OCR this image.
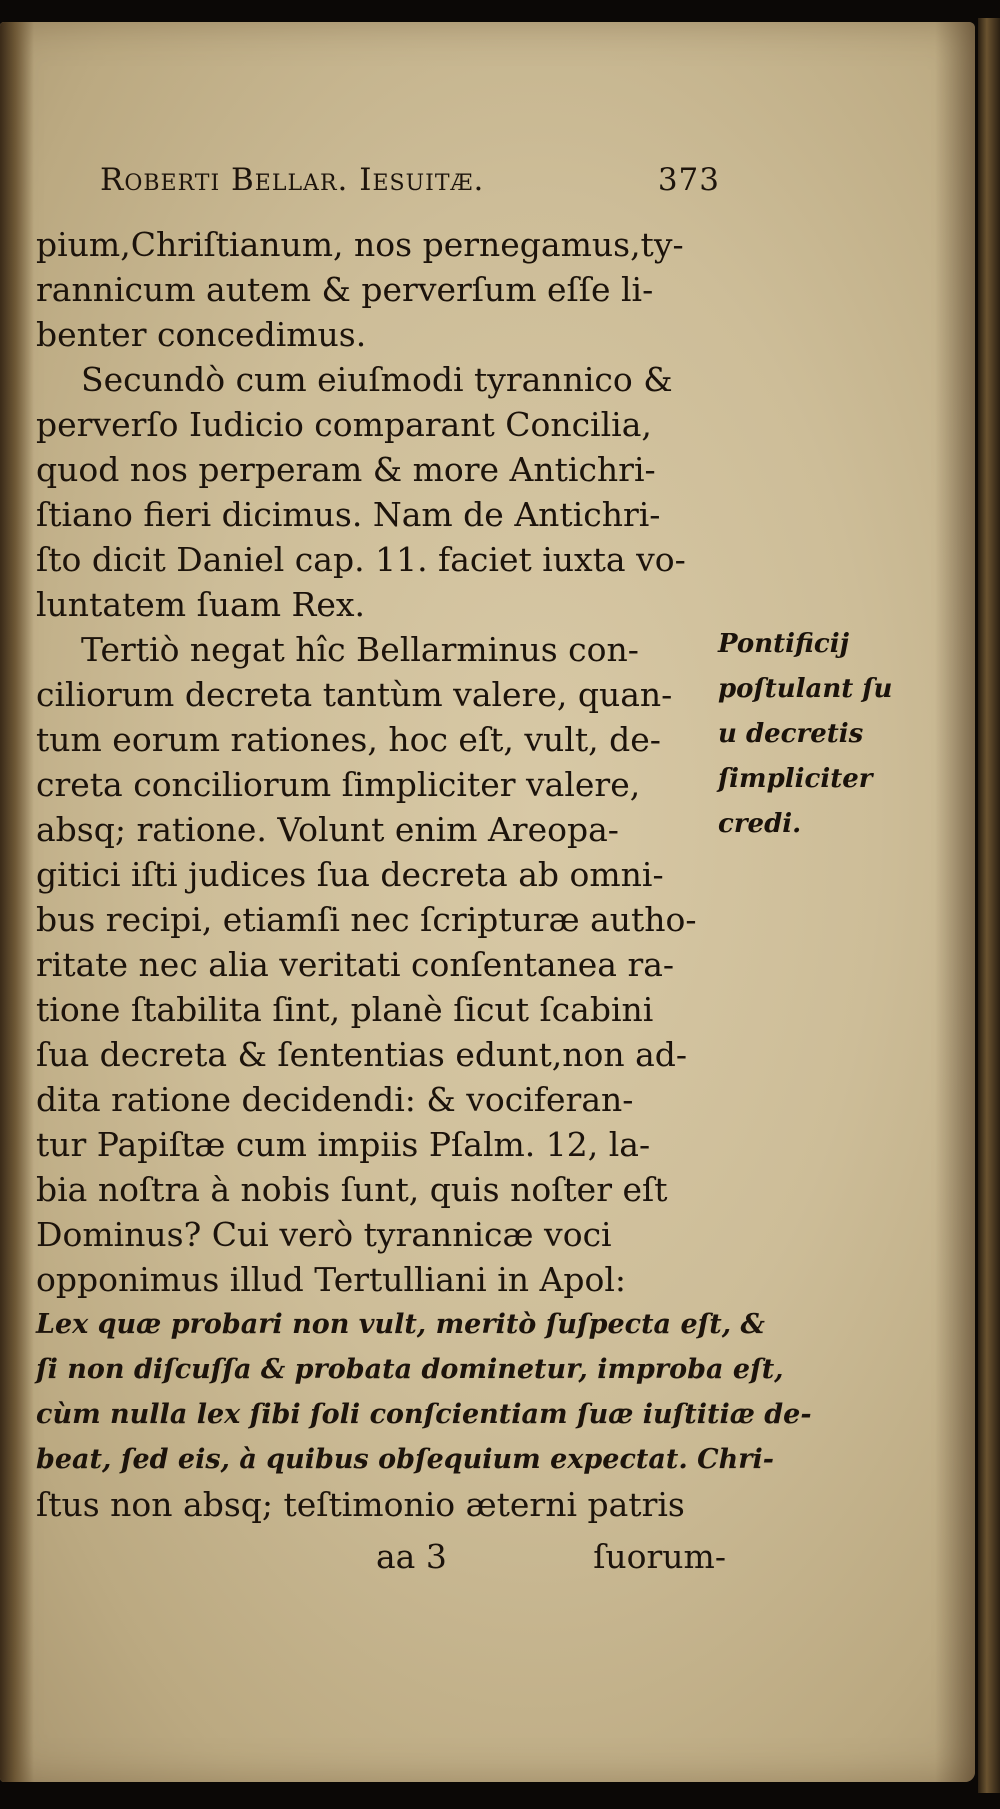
Roberti Bellar. Iesuitæ.	373
pium,Chriſtianum, nos pernegamus,ty-
rannicum autem & perverſum eſſe li-
benter concedimus.
Secundò cum eiuſmodi tyrannico &
perverſo Iudicio comparant Concilia,
quod nos perperam & more Antichri-
ſtiano fieri dicimus. Nam de Antichri-
ſto dicit Daniel cap. 11. faciet iuxta vo-
luntatem ſuam Rex.
Tertiò negat hîc Bellarminus con-
ciliorum decreta tantùm valere, quan-
tum eorum rationes, hoc eſt, vult, de-
creta conciliorum ſimpliciter valere,
absq; ratione. Volunt enim Areopa-
gitici iſti judices ſua decreta ab omni-
bus recipi, etiamſi nec ſcripturæ autho-
ritate nec alia veritati conſentanea ra-
tione ſtabilita ſint, planè ſicut ſcabini
ſua decreta & ſententias edunt,non ad-
dita ratione decidendi: & vociferan-
tur Papiſtæ cum impiis Pſalm. 12, la-
bia noſtra à nobis ſunt, quis noſter eſt
Dominus? Cui verò tyrannicæ voci
opponimus illud Tertulliani in Apol:
Lex quæ probari non vult, meritò ſuſpecta eſt, &
ſi non diſcuſſa & probata dominetur, improba eſt,
cùm nulla lex ſibi ſoli conſcientiam ſuæ iuſtitiæ de-
beat, ſed eis, à quibus obſequium expectat. Chri-
ſtus non absq; teſtimonio æterni patris
Pontificij
poſtulant ſu
u decretis
ſimpliciter
credi.
aa 3	ſuorum-
